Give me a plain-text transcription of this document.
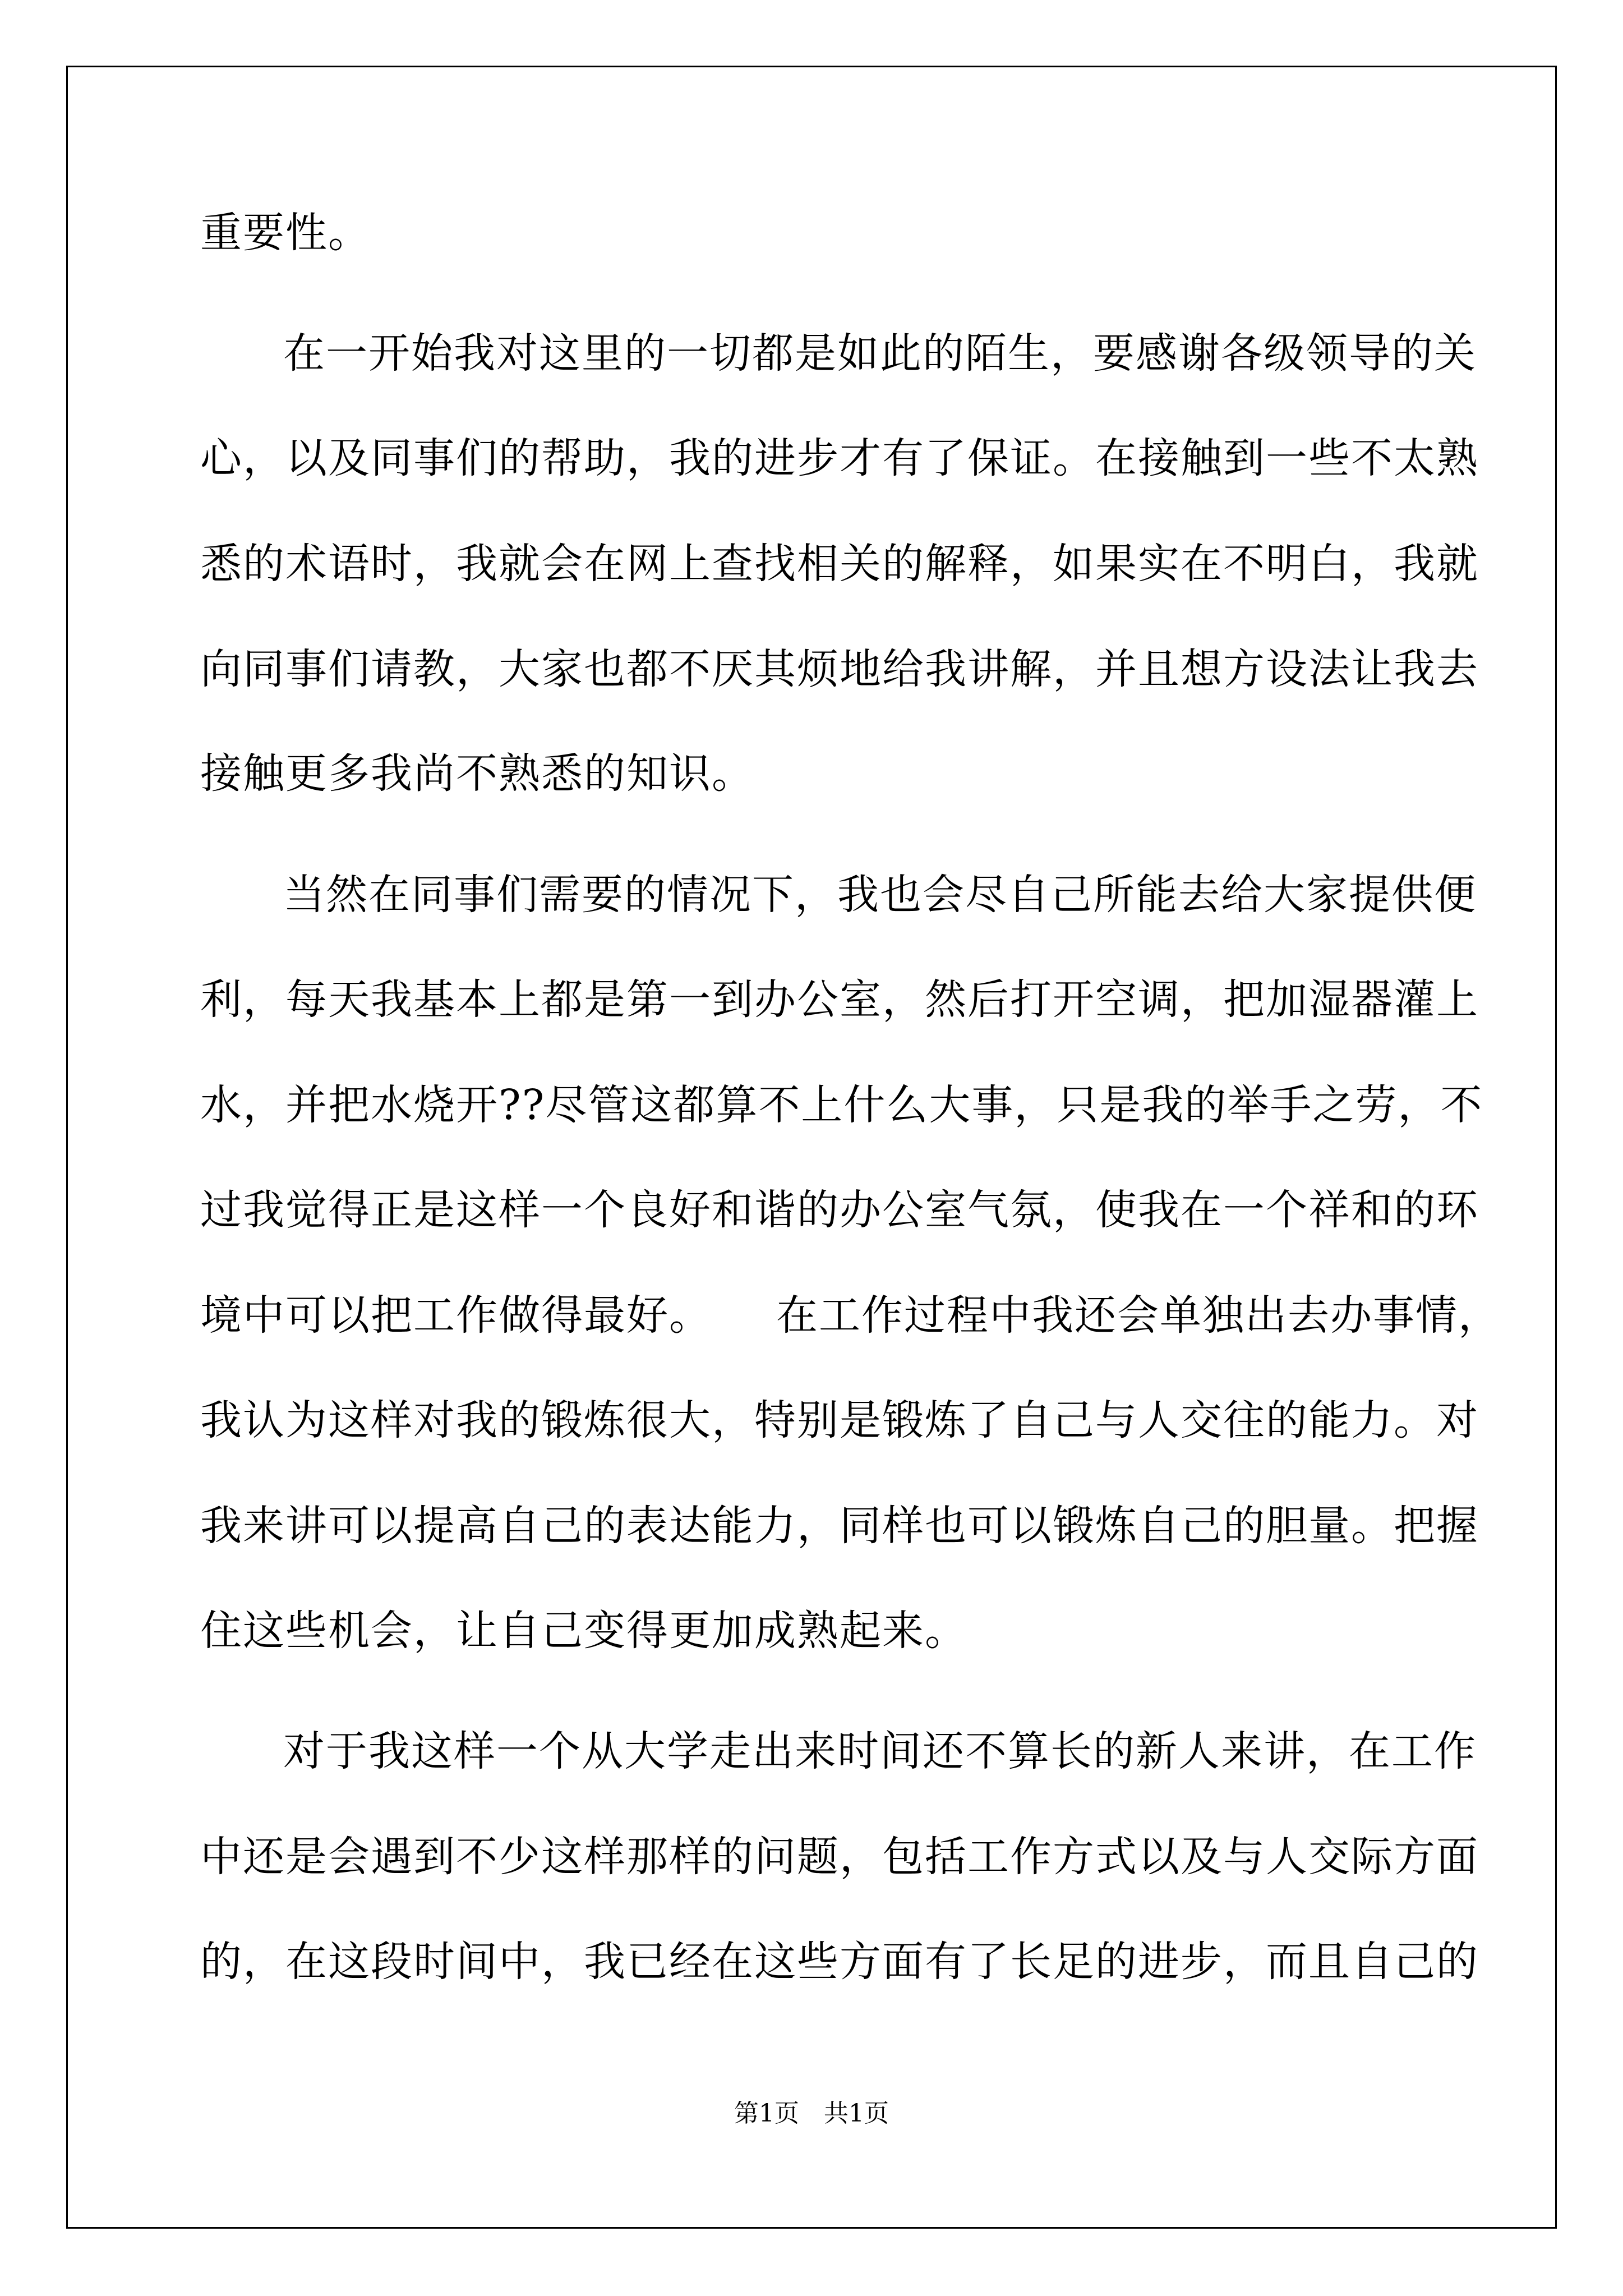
重要性。
在一开始我对这里的一切都是如此的陌生，要感谢各级领导的关
心，以及同事们的帮助，我的进步才有了保证。在接触到一些不太熟
悉的术语时，我就会在网上查找相关的解释，如果实在不明白，我就
向同事们请教，大家也都不厌其烦地给我讲解，并且想方设法让我去
接触更多我尚不熟悉的知识。
当然在同事们需要的情况下，我也会尽自己所能去给大家提供便
利，每天我基本上都是第一到办公室，然后打开空调，把加湿器灌上
水，并把水烧开??尽管这都算不上什么大事，只是我的举手之劳，不
过我觉得正是这样一个良好和谐的办公室气氛，使我在一个祥和的环
境中可以把工作做得最好。　　在工作过程中我还会单独出去办事情，
我认为这样对我的锻炼很大，特别是锻炼了自己与人交往的能力。对
我来讲可以提高自己的表达能力，同样也可以锻炼自己的胆量。把握
住这些机会，让自己变得更加成熟起来。
对于我这样一个从大学走出来时间还不算长的新人来讲，在工作
中还是会遇到不少这样那样的问题，包括工作方式以及与人交际方面
的，在这段时间中，我已经在这些方面有了长足的进步，而且自己的
第1页　共1页
